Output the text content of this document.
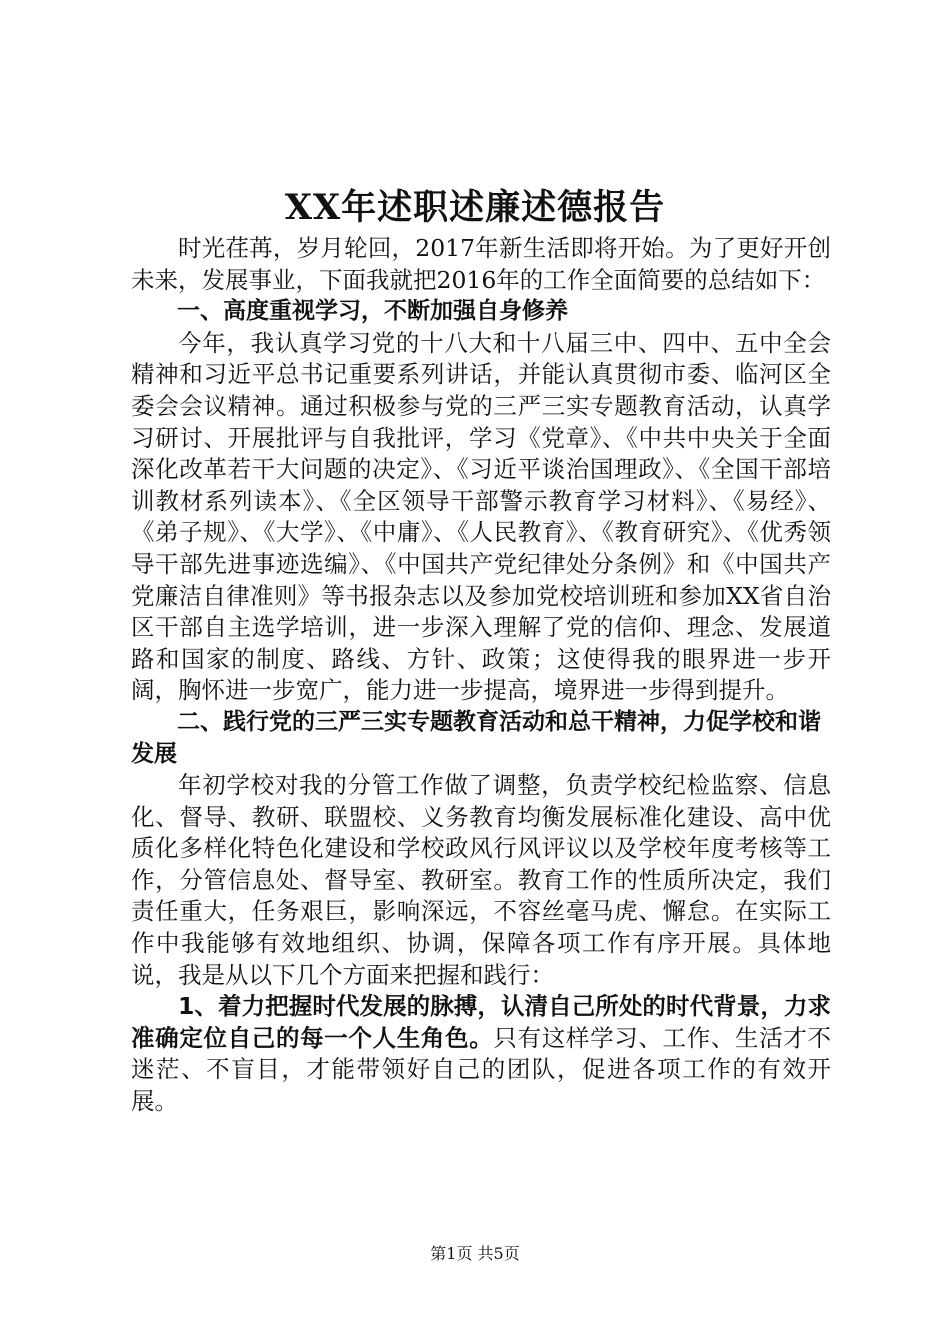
XX年述职述廉述德报告

时光荏苒，岁月轮回，2017年新生活即将开始。为了更好开创未来，发展事业，下面我就把2016年的工作全面简要的总结如下：

一、高度重视学习，不断加强自身修养

今年，我认真学习党的十八大和十八届三中、四中、五中全会精神和习近平总书记重要系列讲话，并能认真贯彻市委、临河区全委会会议精神。通过积极参与党的三严三实专题教育活动，认真学习研讨、开展批评与自我批评，学习《党章》、《中共中央关于全面深化改革若干大问题的决定》、《习近平谈治国理政》、《全国干部培训教材系列读本》、《全区领导干部警示教育学习材料》、《易经》、《弟子规》、《大学》、《中庸》、《人民教育》、《教育研究》、《优秀领导干部先进事迹选编》、《中国共产党纪律处分条例》和《中国共产党廉洁自律准则》等书报杂志以及参加党校培训班和参加XX省自治区干部自主选学培训，进一步深入理解了党的信仰、理念、发展道路和国家的制度、路线、方针、政策；这使得我的眼界进一步开阔，胸怀进一步宽广，能力进一步提高，境界进一步得到提升。

二、践行党的三严三实专题教育活动和总干精神，力促学校和谐发展

年初学校对我的分管工作做了调整，负责学校纪检监察、信息化、督导、教研、联盟校、义务教育均衡发展标准化建设、高中优质化多样化特色化建设和学校政风行风评议以及学校年度考核等工作，分管信息处、督导室、教研室。教育工作的性质所决定，我们责任重大，任务艰巨，影响深远，不容丝毫马虎、懈怠。在实际工作中我能够有效地组织、协调，保障各项工作有序开展。具体地说，我是从以下几个方面来把握和践行：

1、着力把握时代发展的脉搏，认清自己所处的时代背景，力求准确定位自己的每一个人生角色。只有这样学习、工作、生活才不迷茫、不盲目，才能带领好自己的团队，促进各项工作的有效开展。

第1页 共5页
